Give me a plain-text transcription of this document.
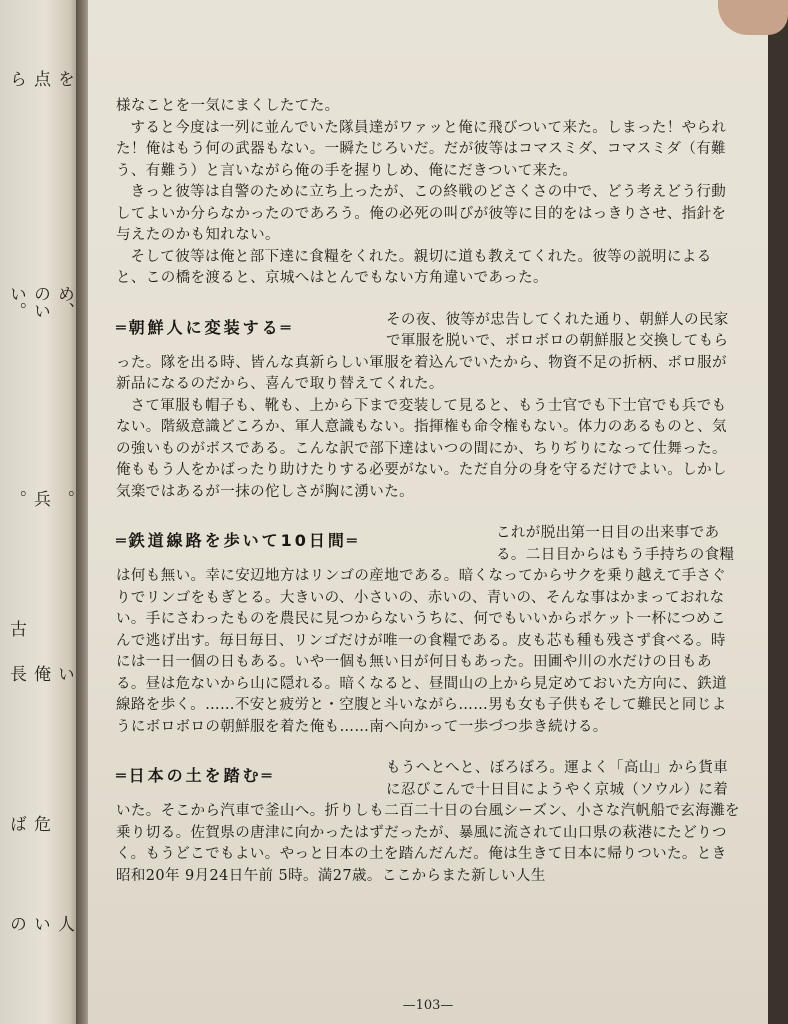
を
点
ら
め、
のい
い。
。
兵
。
古
い
俺
長
危
ば
人
い
の

様なことを一気にまくしたてた。

すると今度は一列に並んでいた隊員達がワァッと俺に飛びついて来た。しまった！やられた！俺はもう何の武器もない。一瞬たじろいだ。だが彼等はコマスミダ、コマスミダ（有難う、有難う）と言いながら俺の手を握りしめ、俺にだきついて来た。

きっと彼等は自警のために立ち上ったが、この終戦のどさくさの中で、どう考えどう行動してよいか分らなかったのであろう。俺の必死の叫びが彼等に目的をはっきりさせ、指針を与えたのかも知れない。

そして彼等は俺と部下達に食糧をくれた。親切に道も教えてくれた。彼等の説明によると、この橋を渡ると、京城へはとんでもない方角違いであった。

═朝鮮人に変装する═	その夜、彼等が忠告してくれた通り、朝鮮人の民家で軍服を脱いで、ボロボロの朝鮮服と交換してもらった。隊を出る時、皆んな真新らしい軍服を着込んでいたから、物資不足の折柄、ボロ服が新品になるのだから、喜んで取り替えてくれた。

さて軍服も帽子も、靴も、上から下まで変装して見ると、もう士官でも下士官でも兵でもない。階級意識どころか、軍人意識もない。指揮権も命令権もない。体力のあるものと、気の強いものがボスである。こんな訳で部下達はいつの間にか、ちりぢりになって仕舞った。俺ももう人をかばったり助けたりする必要がない。ただ自分の身を守るだけでよい。しかし気楽ではあるが一抹の佗しさが胸に湧いた。

═鉄道線路を歩いて10日間═	これが脱出第一日目の出来事である。二日目からはもう手持ちの食糧は何も無い。幸に安辺地方はリンゴの産地である。暗くなってからサクを乗り越えて手さぐりでリンゴをもぎとる。大きいの、小さいの、赤いの、青いの、そんな事はかまっておれない。手にさわったものを農民に見つからないうちに、何でもいいからポケット一杯につめこんで逃げ出す。毎日毎日、リンゴだけが唯一の食糧である。皮も芯も種も残さず食べる。時には一日一個の日もある。いや一個も無い日が何日もあった。田圃や川の水だけの日もある。昼は危ないから山に隠れる。暗くなると、昼間山の上から見定めておいた方向に、鉄道線路を歩く。……不安と疲労と・空腹と斗いながら……男も女も子供もそして難民と同じようにボロボロの朝鮮服を着た俺も……南へ向かって一歩づつ歩き続ける。

═日本の土を踏む═	もうへとへと、ぼろぼろ。運よく「高山」から貨車に忍びこんで十日目にようやく京城（ソウル）に着いた。そこから汽車で釜山へ。折りしも二百二十日の台風シーズン、小さな汽帆船で玄海灘を乗り切る。佐賀県の唐津に向かったはずだったが、暴風に流されて山口県の萩港にたどりつく。もうどこでもよい。やっと日本の土を踏んだんだ。俺は生きて日本に帰りついた。とき昭和20年 9月24日午前 5時。満27歳。ここからまた新しい人生

—103—
